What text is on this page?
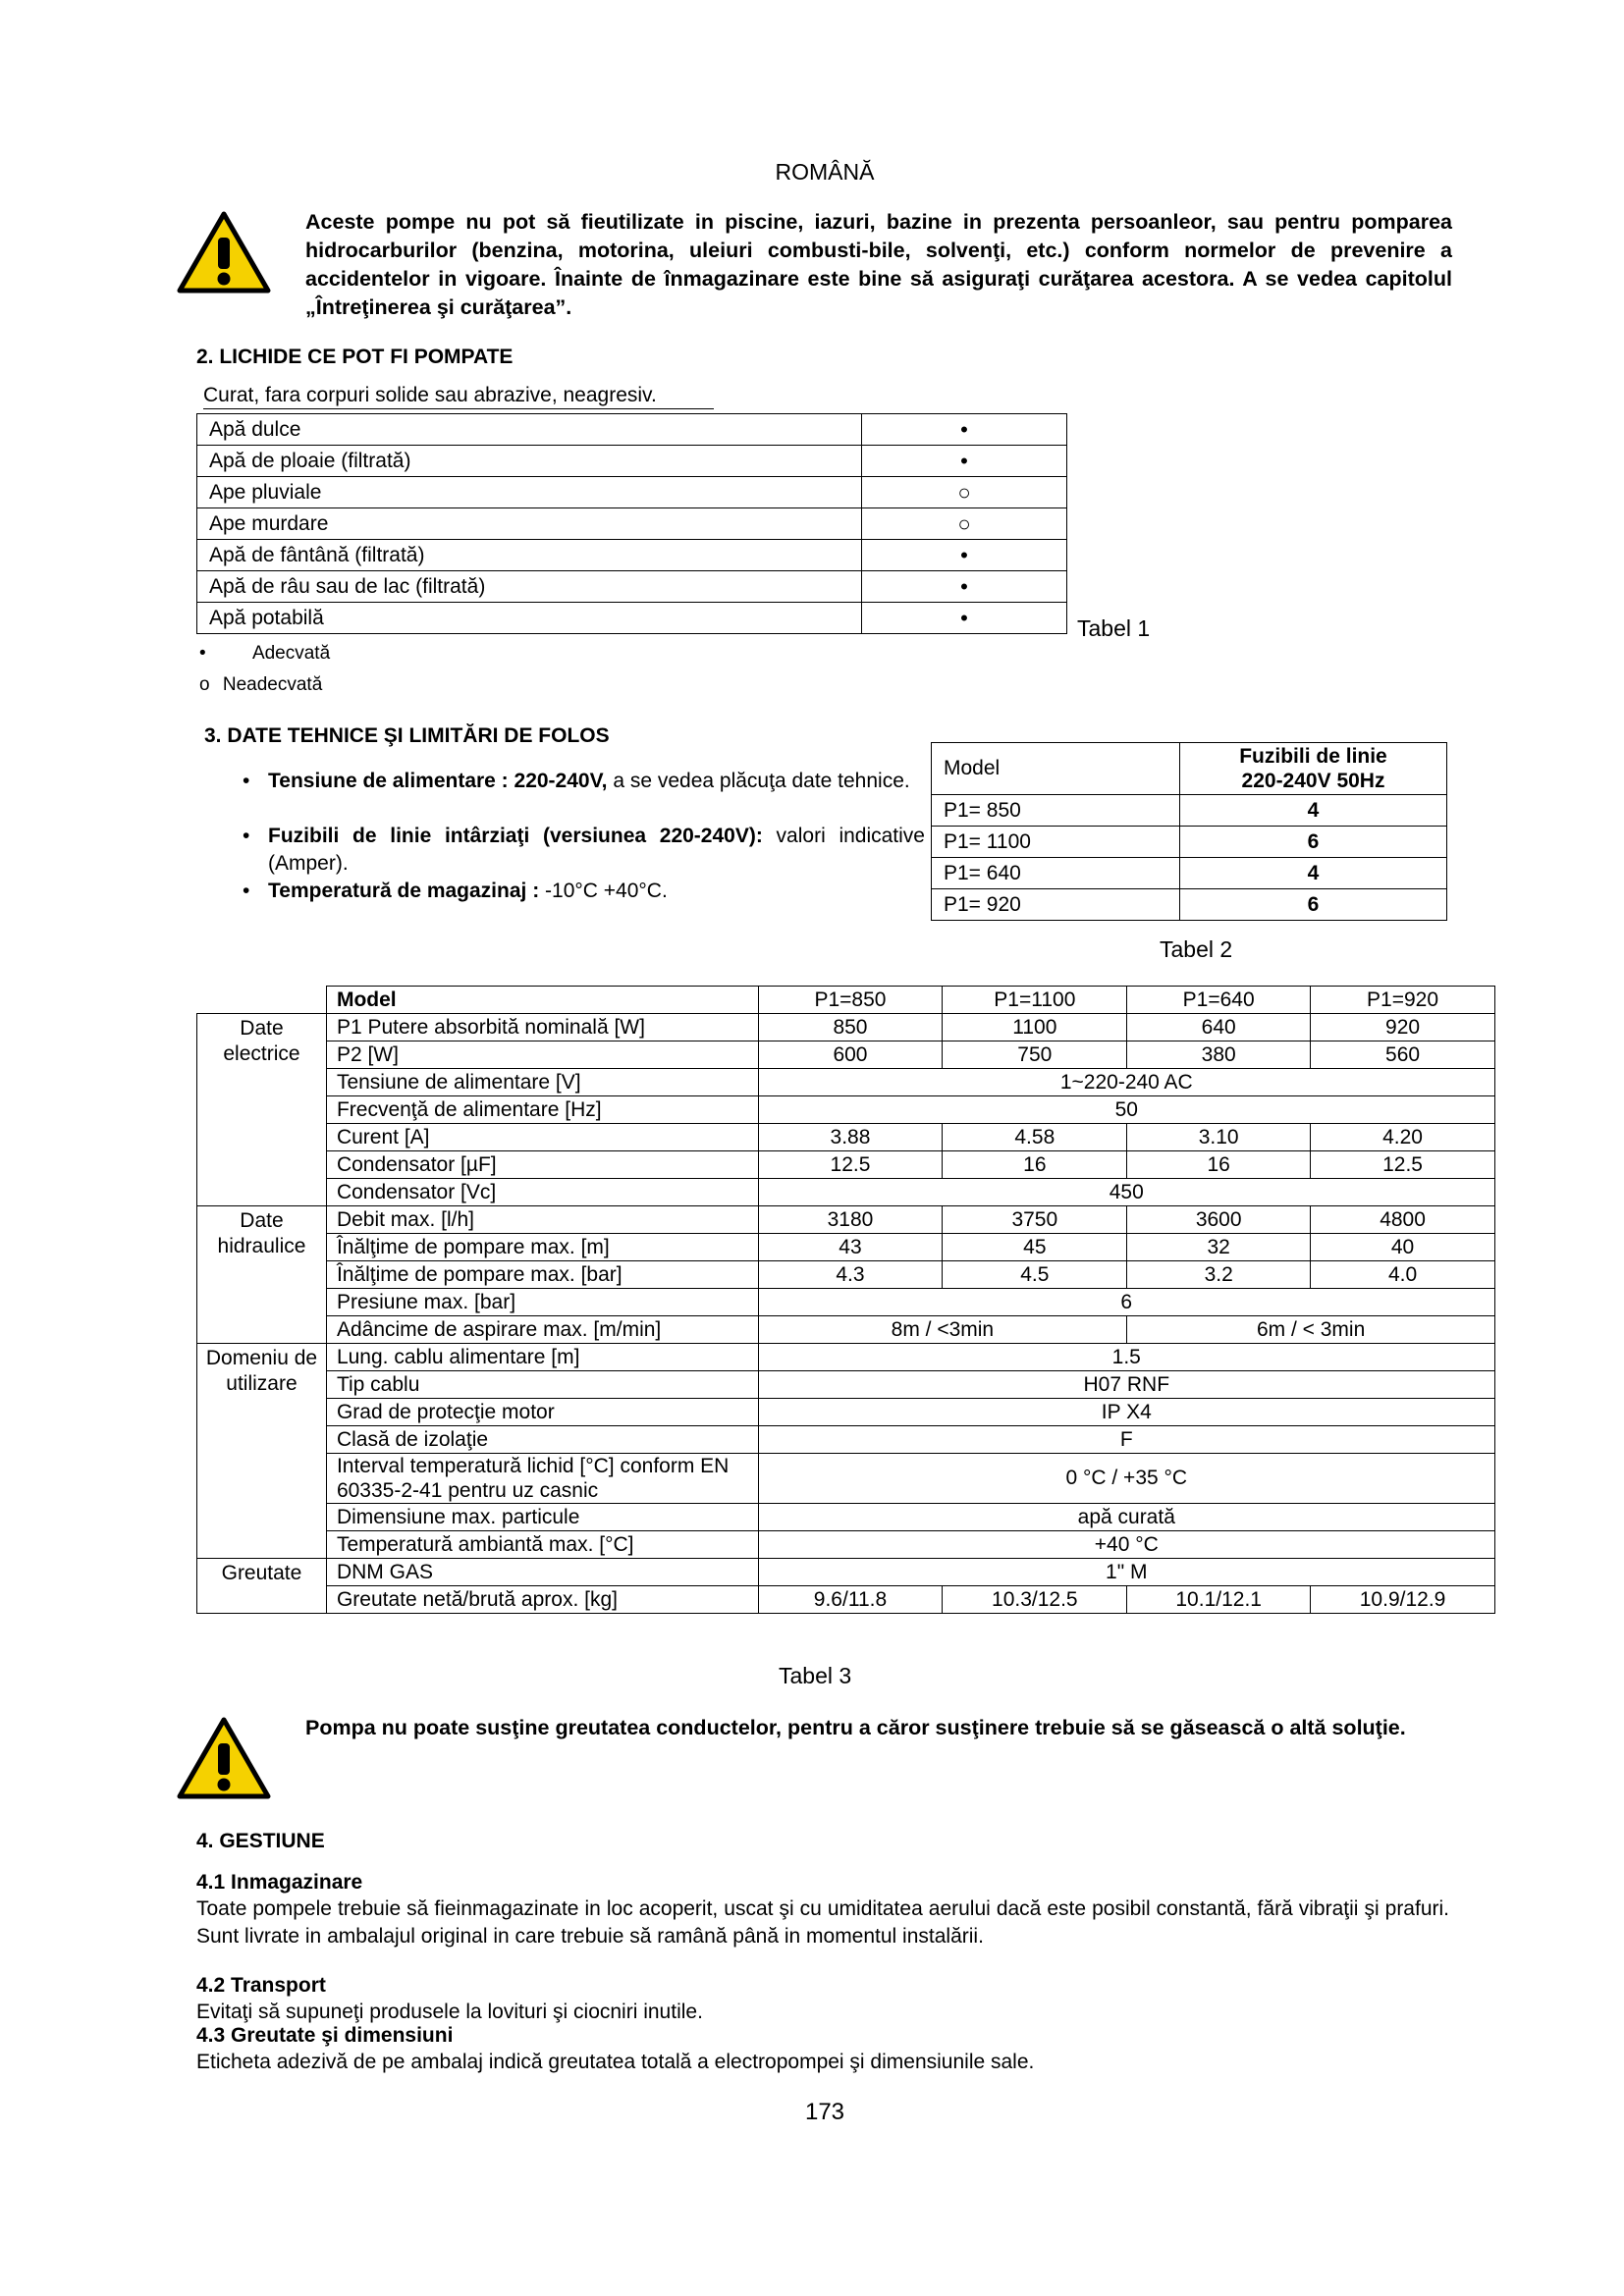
ROMÂNĂ
Aceste pompe nu pot să fieutilizate in piscine, iazuri, bazine in prezenta persoanleor, sau pentru pomparea hidrocarburilor (benzina, motorina, uleiuri combusti-bile, solvenţi, etc.) conform normelor de prevenire a accidentelor in vigoare. Înainte de înmagazinare este bine să asiguraţi curăţarea acestora. A se vedea capitolul „Întreţinerea şi curăţarea”.
2. LICHIDE CE POT FI POMPATE
Curat, fara corpuri solide sau abrazive, neagresiv.
Apă dulce	•
Apă de ploaie (filtrată)	•
Ape pluviale	○
Ape murdare	○
Apă de fântână (filtrată)	•
Apă de râu sau de lac (filtrată)	•
Apă potabilă	•	Tabel 1
• Adecvată
o Neadecvată
3. DATE TEHNICE ŞI LIMITĂRI DE FOLOS
• Tensiune de alimentare : 220-240V, a se vedea plăcuţa date tehnice.
• Fuzibili de linie intârziaţi (versiunea 220-240V): valori indicative (Amper).
• Temperatură de magazinaj : -10°C +40°C.
Model	Fuzibili de linie
220-240V 50Hz

P1= 850	4
P1= 1100	6
P1= 640	4
P1= 920	6
Tabel 2
	Model	P1=850	P1=1100	P1=640	P1=920
Date electrice	P1 Putere absorbită nominală [W]	850	1100	640	920
	P2 [W]	600	750	380	560
	Tensiune de alimentare [V]	1~220-240 AC			
	Frecvenţă de alimentare [Hz]	50			
	Curent [A]	3.88	4.58	3.10	4.20
	Condensator [µF]	12.5	16	16	12.5
	Condensator [Vc]	450			
Date hidraulice	Debit max. [l/h]	3180	3750	3600	4800
	Înălţime de pompare max. [m]	43	45	32	40
	Înălţime de pompare max. [bar]	4.3	4.5	3.2	4.0
	Presiune max. [bar]	6			
	Adâncime de aspirare max. [m/min]	8m / <3min		6m / < 3min	
Domeniu de utilizare	Lung. cablu alimentare [m]	1.5			
	Tip cablu	H07 RNF			
	Grad de protecţie motor	IP X4			
	Clasă de izolaţie	F			
	Interval temperatură lichid [°C] conform EN 60335-2-41 pentru uz casnic	0 °C / +35 °C			
	Dimensiune max. particule	apă curată			
	Temperatură ambiantă max. [°C]	+40 °C			
Greutate	DNM GAS	1" M			
	Greutate netă/brută aprox. [kg]	9.6/11.8	10.3/12.5	10.1/12.1	10.9/12.9
Tabel 3
Pompa nu poate susţine greutatea conductelor, pentru a căror susţinere trebuie să se găsească o altă soluţie.
4. GESTIUNE
4.1 Inmagazinare
Toate pompele trebuie să fieinmagazinate in loc acoperit, uscat şi cu umiditatea aerului dacă este posibil constantă, fără vibraţii şi prafuri. Sunt livrate in ambalajul original in care trebuie să ramână până in momentul instalării.
4.2 Transport
Evitaţi să supuneţi produsele la lovituri şi ciocniri inutile.
4.3 Greutate şi dimensiuni
Eticheta adezivă de pe ambalaj indică greutatea totală a electropompei şi dimensiunile sale.
173
